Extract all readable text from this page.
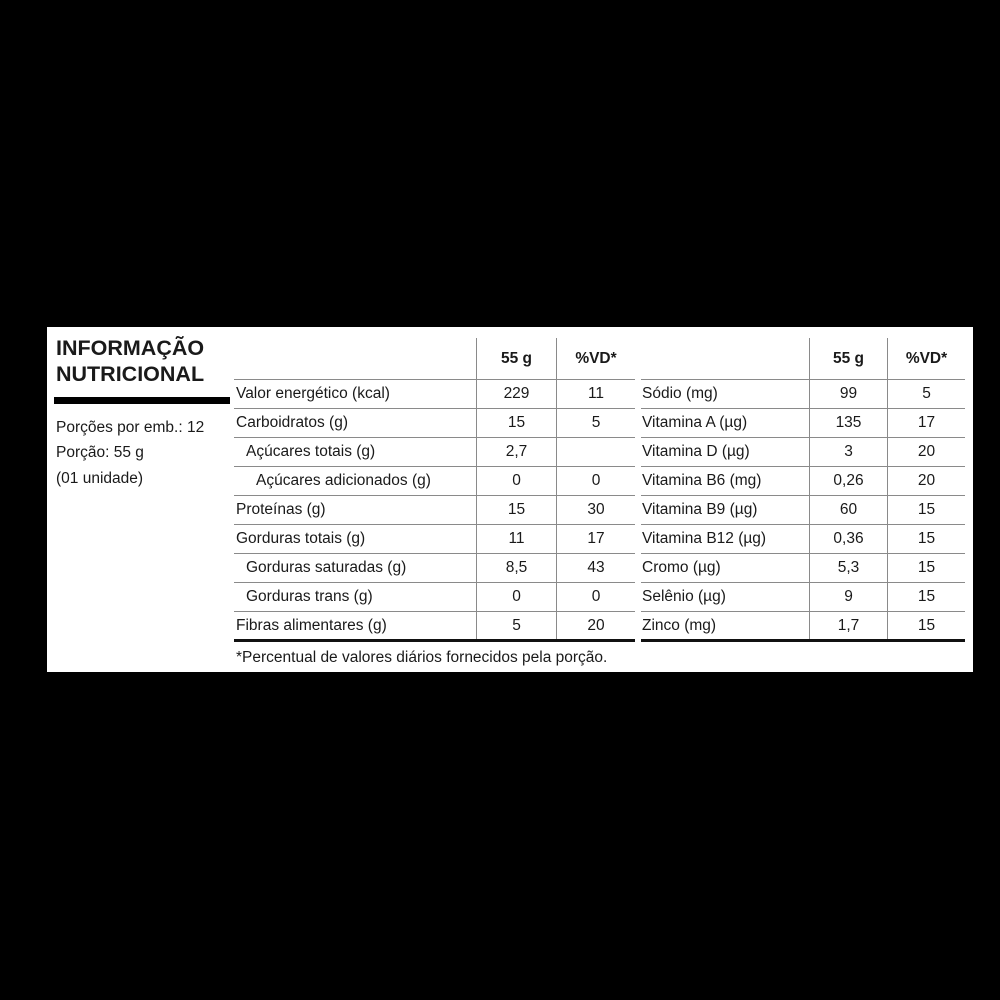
INFORMAÇÃO
NUTRICIONAL
Porções por emb.: 12
Porção: 55 g
(01 unidade)
55 g	%VD*	55 g	%VD*
Valor energético (kcal)	229	11
Carboidratos (g)	15	5
Açúcares totais (g)	2,7
Açúcares adicionados (g)	0	0
Proteínas (g)	15	30
Gorduras totais (g)	11	17
Gorduras saturadas (g)	8,5	43
Gorduras trans (g)	0	0
Fibras alimentares (g)	5	20
Sódio (mg)	99	5
Vitamina A (µg)	135	17
Vitamina D (µg)	3	20
Vitamina B6 (mg)	0,26	20
Vitamina B9 (µg)	60	15
Vitamina B12 (µg)	0,36	15
Cromo (µg)	5,3	15
Selênio (µg)	9	15
Zinco (mg)	1,7	15
*Percentual de valores diários fornecidos pela porção.
